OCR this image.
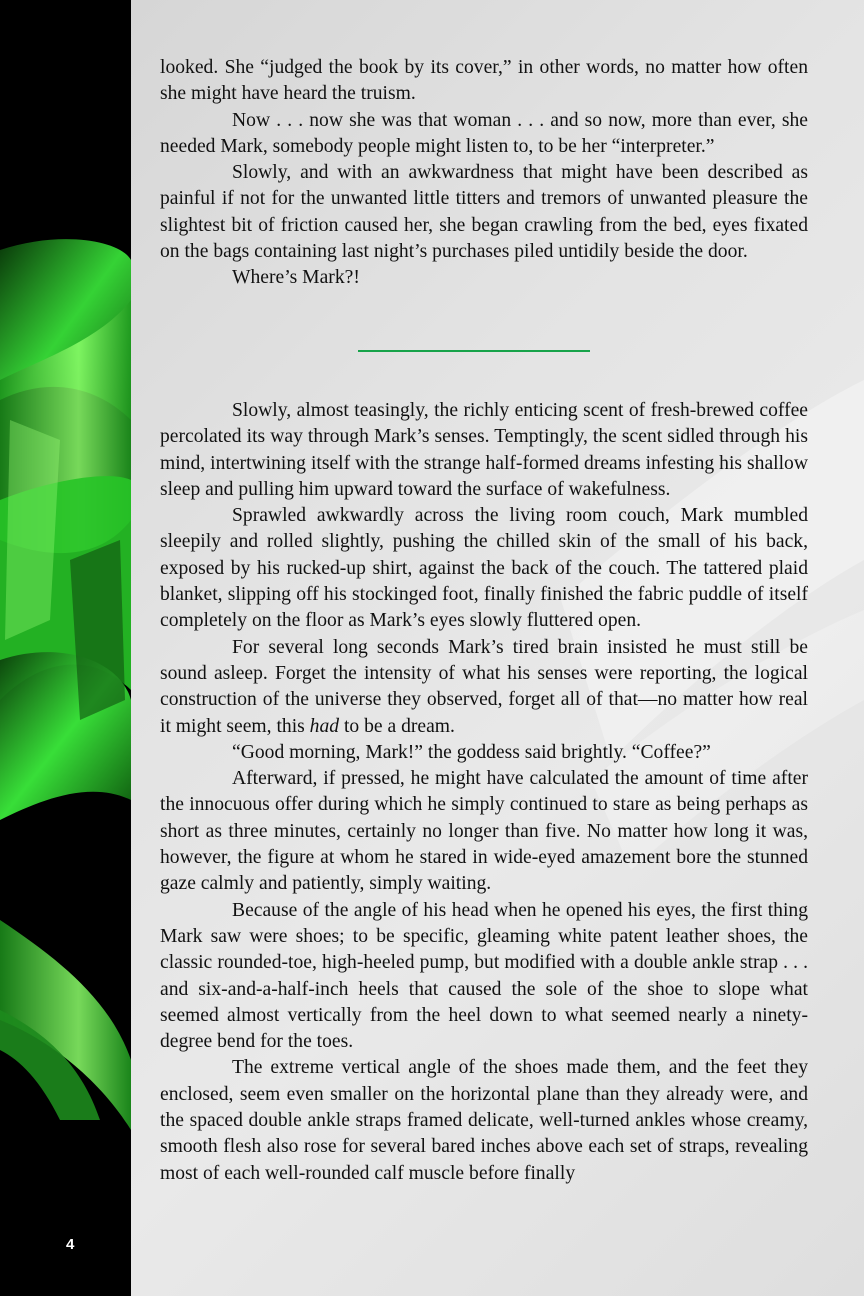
4

looked. She “judged the book by its cover,” in other words, no matter how often she might have heard the truism.

Now . . . now she was that woman . . . and so now, more than ever, she needed Mark, somebody people might listen to, to be her “interpreter.”

Slowly, and with an awkwardness that might have been described as painful if not for the unwanted little titters and tremors of unwanted pleasure the slightest bit of friction caused her, she began crawling from the bed, eyes fixated on the bags containing last night’s purchases piled untidily beside the door.

Where’s Mark?!

Slowly, almost teasingly, the richly enticing scent of fresh-brewed coffee percolated its way through Mark’s senses. Temptingly, the scent sidled through his mind, intertwining itself with the strange half-formed dreams infesting his shallow sleep and pulling him upward toward the surface of wakefulness.

Sprawled awkwardly across the living room couch, Mark mumbled sleepily and rolled slightly, pushing the chilled skin of the small of his back, exposed by his rucked-up shirt, against the back of the couch. The tattered plaid blanket, slipping off his stockinged foot, finally finished the fabric puddle of itself completely on the floor as Mark’s eyes slowly fluttered open.

For several long seconds Mark’s tired brain insisted he must still be sound asleep. Forget the intensity of what his senses were reporting, the logical construction of the universe they observed, forget all of that—no matter how real it might seem, this had to be a dream.

“Good morning, Mark!” the goddess said brightly. “Coffee?”

Afterward, if pressed, he might have calculated the amount of time after the innocuous offer during which he simply continued to stare as being perhaps as short as three minutes, certainly no longer than five. No matter how long it was, however, the figure at whom he stared in wide-eyed amazement bore the stunned gaze calmly and patiently, simply waiting.

Because of the angle of his head when he opened his eyes, the first thing Mark saw were shoes; to be specific, gleaming white patent leather shoes, the classic rounded-toe, high-heeled pump, but modified with a double ankle strap . . . and six-and-a-half-inch heels that caused the sole of the shoe to slope what seemed almost vertically from the heel down to what seemed nearly a ninety-degree bend for the toes.

The extreme vertical angle of the shoes made them, and the feet they enclosed, seem even smaller on the horizontal plane than they already were, and the spaced double ankle straps framed delicate, well-turned ankles whose creamy, smooth flesh also rose for several bared inches above each set of straps, revealing most of each well-rounded calf muscle before finally
